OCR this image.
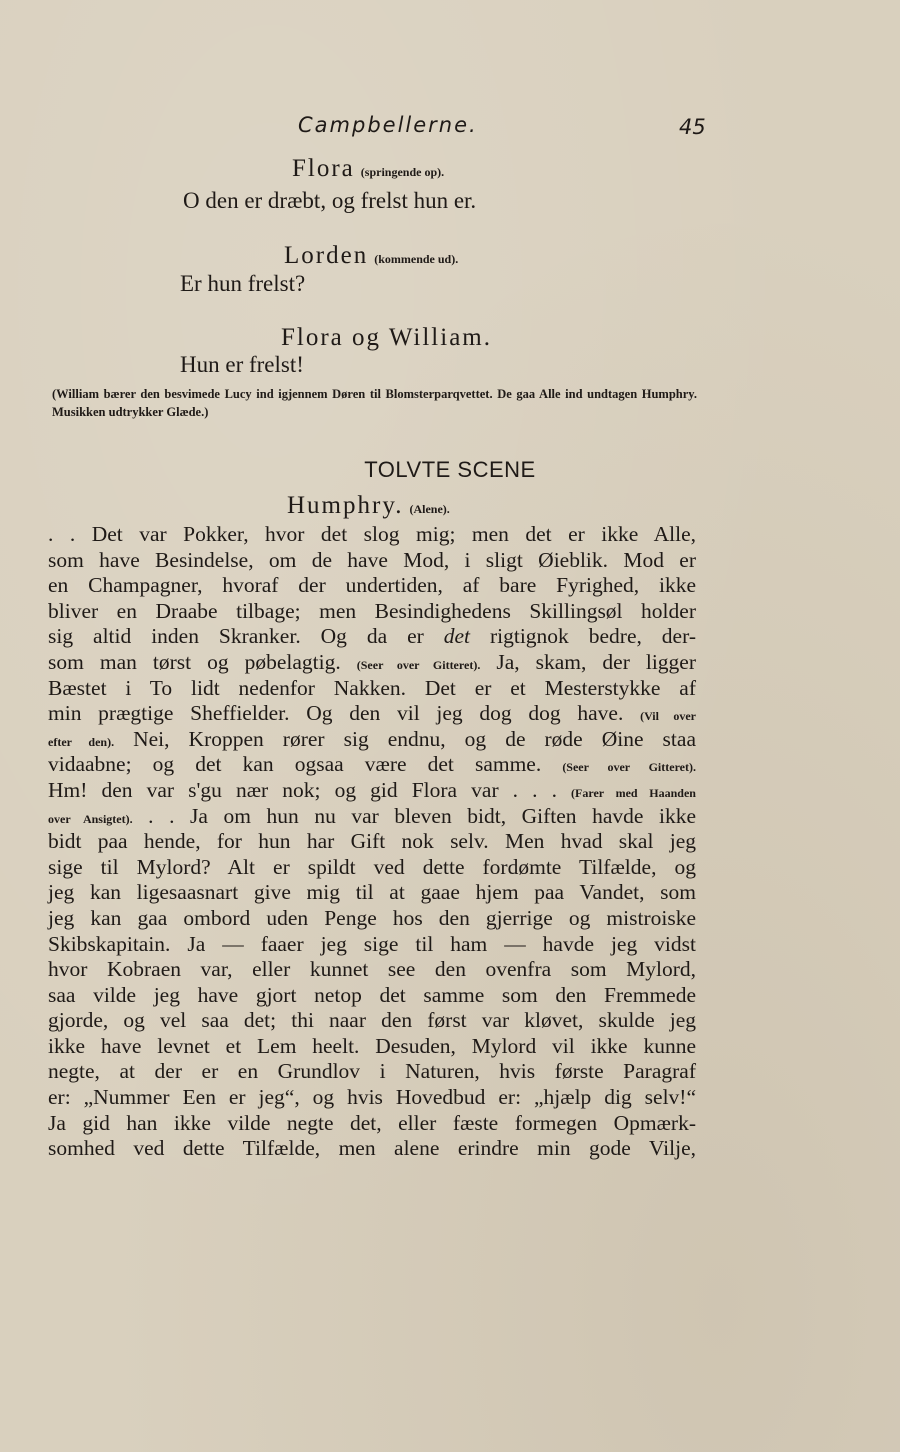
Campbellerne.	45
Flora (springende op).
O den er dræbt, og frelst hun er.
Lorden (kommende ud).
Er hun frelst?
Flora og William.
Hun er frelst!
(William bærer den besvimede Lucy ind igjennem Døren til Blomsterparqvettet. De gaa Alle ind undtagen Humphry. Musikken udtrykker Glæde.)
TOLVTE SCENE
Humphry. (Alene).
. . Det var Pokker, hvor det slog mig; men det er ikke Alle,
som have Besindelse, om de have Mod, i sligt Øieblik. Mod er
en Champagner, hvoraf der undertiden, af bare Fyrighed, ikke
bliver en Draabe tilbage; men Besindighedens Skillingsøl holder
sig altid inden Skranker. Og da er det rigtignok bedre, der-
som man tørst og pøbelagtig. (Seer over Gitteret). Ja, skam, der ligger
Bæstet i To lidt nedenfor Nakken. Det er et Mesterstykke af
min prægtige Sheffielder. Og den vil jeg dog dog have. (Vil over
efter den). Nei, Kroppen rører sig endnu, og de røde Øine staa
vidaabne; og det kan ogsaa være det samme. (Seer over Gitteret).
Hm! den var s'gu nær nok; og gid Flora var . . . (Farer med Haanden
over Ansigtet). . . Ja om hun nu var bleven bidt, Giften havde ikke
bidt paa hende, for hun har Gift nok selv. Men hvad skal jeg
sige til Mylord? Alt er spildt ved dette fordømte Tilfælde, og
jeg kan ligesaasnart give mig til at gaae hjem paa Vandet, som
jeg kan gaa ombord uden Penge hos den gjerrige og mistroiske
Skibskapitain. Ja — faaer jeg sige til ham — havde jeg vidst
hvor Kobraen var, eller kunnet see den ovenfra som Mylord,
saa vilde jeg have gjort netop det samme som den Fremmede
gjorde, og vel saa det; thi naar den først var kløvet, skulde jeg
ikke have levnet et Lem heelt. Desuden, Mylord vil ikke kunne
negte, at der er en Grundlov i Naturen, hvis første Paragraf
er: „Nummer Een er jeg“, og hvis Hovedbud er: „hjælp dig selv!“
Ja gid han ikke vilde negte det, eller fæste formegen Opmærk-
somhed ved dette Tilfælde, men alene erindre min gode Vilje,
